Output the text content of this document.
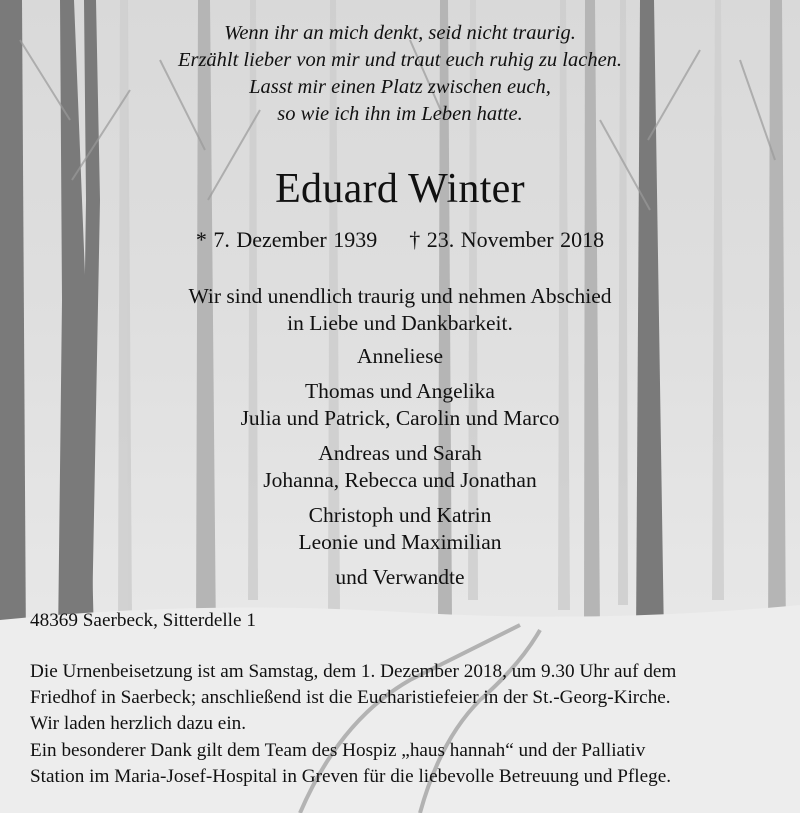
Wenn ihr an mich denkt, seid nicht traurig.
Erzählt lieber von mir und traut euch ruhig zu lachen.
Lasst mir einen Platz zwischen euch,
so wie ich ihn im Leben hatte.
Eduard Winter
* 7. Dezember 1939 † 23. November 2018
Wir sind unendlich traurig und nehmen Abschied
in Liebe und Dankbarkeit.
Anneliese
Thomas und Angelika
Julia und Patrick, Carolin und Marco
Andreas und Sarah
Johanna, Rebecca und Jonathan
Christoph und Katrin
Leonie und Maximilian
und Verwandte
48369 Saerbeck, Sitterdelle 1
Die Urnenbeisetzung ist am Samstag, dem 1. Dezember 2018, um 9.30 Uhr auf dem
Friedhof in Saerbeck; anschließend ist die Eucharistiefeier in der St.-Georg-Kirche.
Wir laden herzlich dazu ein.
Ein besonderer Dank gilt dem Team des Hospiz „haus hannah“ und der Palliativ
Station im Maria-Josef-Hospital in Greven für die liebevolle Betreuung und Pflege.
